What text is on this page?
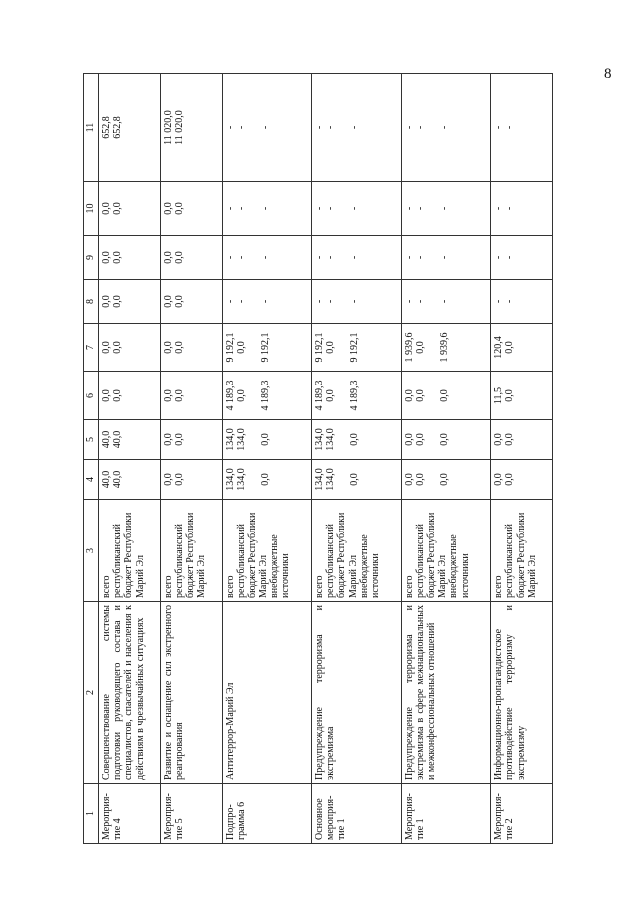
8
1	2	3	4	5	6	7	8	9	10	11
Мероприя-тие 4	Совершенствование системы подготовки руководящего состава и специалистов, спасателей и населения к действиям в чрезвычайных ситуациях	всего республиканский бюджет Республики Марий Эл	40,0 40,0	40,0 40,0	0,0 0,0	0,0 0,0	0,0 0,0	0,0 0,0	0,0 0,0	652,8 652,8

Мероприя-тие 5	Развитие и оснащение сил экстренного реагирования	всего республиканский бюджет Республики Марий Эл	0,0 0,0	0,0 0,0	0,0 0,0	0,0 0,0	0,0 0,0	0,0 0,0	0,0 0,0	11 020,0 11 020,0

Подпро-грамма 6	Антитеррор-Марий Эл	всего республиканский бюджет Республики Марий Эл внебюджетные источники	134,0 134,0 0,0	134,0 134,0 0,0	4 189,3 0,0 4 189,3	9 192,1 0,0 9 192,1	- - -	- - -	- - -	- - -

Основное мероприя-тие 1	Предупреждение терроризма и экстремизма	всего республиканский бюджет Республики Марий Эл внебюджетные источники	134,0 134,0 0,0	134,0 134,0 0,0	4 189,3 0,0 4 189,3	9 192,1 0,0 9 192,1	- - -	- - -	- - -	- - -

Мероприя-тие 1	Предупреждение терроризма и экстремизма в сфере межнациональных и межконфессиональных отношений	всего республиканский бюджет Республики Марий Эл внебюджетные источники	0,0 0,0 0,0	0,0 0,0 0,0	0,0 0,0 0,0	1 939,6 0,0 1 939,6	- - -	- - -	- - -	- - -

Мероприя-тие 2	Информационно-пропагандистское противодействие терроризму и экстремизму	всего республиканский бюджет Республики Марий Эл	0,0 0,0	0,0 0,0	11,5 0,0	120,4 0,0	- -	- -	- -	- -
